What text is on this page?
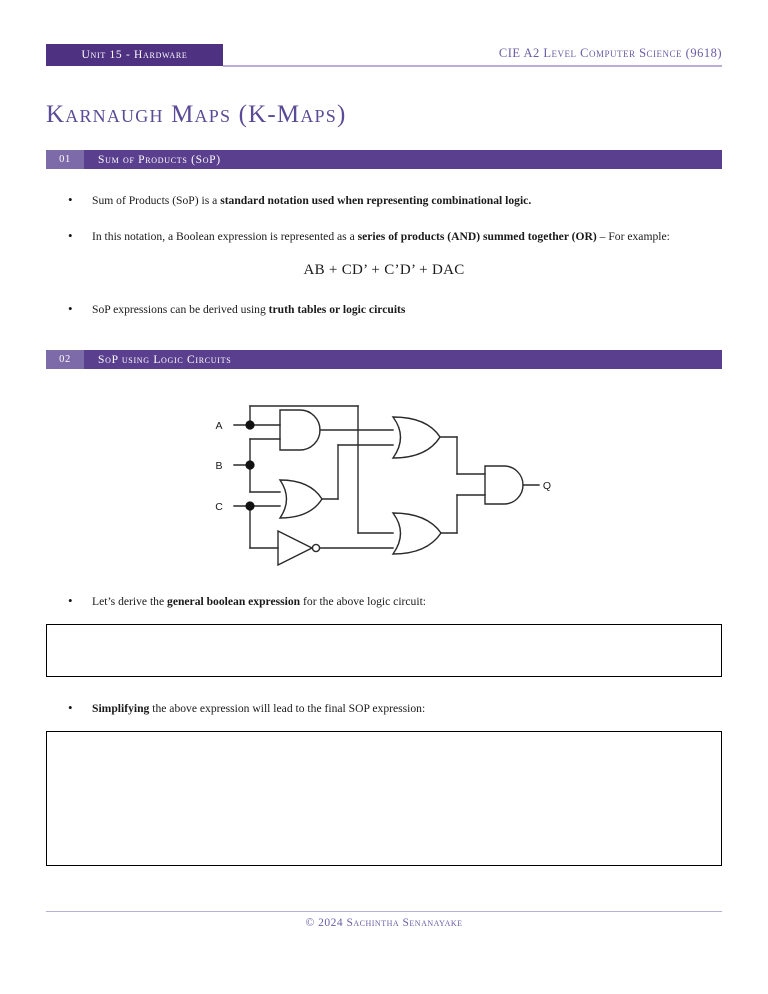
Unit 15 - Hardware	CIE A2 Level Computer Science (9618)
Karnaugh Maps (K-Maps)
01	Sum of Products (SoP)
•	Sum of Products (SoP) is a standard notation used when representing combinational logic.
•	In this notation, a Boolean expression is represented as a series of products (AND) summed together (OR) – For example:
AB + CD’ + C’D’ + DAC
•	SoP expressions can be derived using truth tables or logic circuits
02	SoP using Logic Circuits
A
B
C
Q
•	Let’s derive the general boolean expression for the above logic circuit:
•	Simplifying the above expression will lead to the final SOP expression:
© 2024 Sachintha Senanayake
